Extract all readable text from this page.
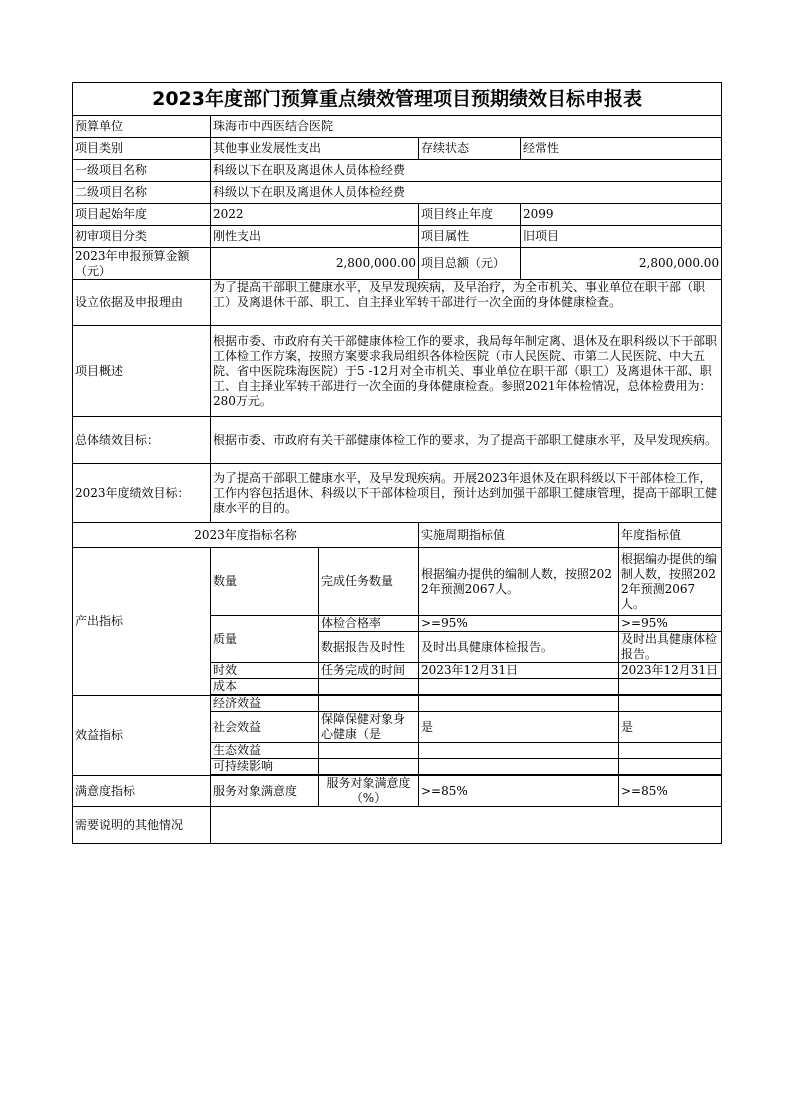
2023年度部门预算重点绩效管理项目预期绩效目标申报表					
预算单位	珠海市中西医结合医院				
项目类别	其他事业发展性支出		存续状态	经常性	
一级项目名称	科级以下在职及离退休人员体检经费				
二级项目名称	科级以下在职及离退休人员体检经费				
项目起始年度	2022		项目终止年度	2099	
初审项目分类	刚性支出		项目属性	旧项目	
2023年申报预算金额（元）	2,800,000.00		项目总额（元）	2,800,000.00	
设立依据及申报理由	为了提高干部职工健康水平，及早发现疾病，及早治疗，为全市机关、事业单位在职干部（职工）及离退休干部、职工、自主择业军转干部进行一次全面的身体健康检查。				

项目概述	根据市委、市政府有关干部健康体检工作的要求，我局每年制定离、退休及在职科级以下干部职工体检工作方案，按照方案要求我局组织各体检医院（市人民医院、市第二人民医院、中大五院、省中医院珠海医院）于5 -12月对全市机关、事业单位在职干部（职工）及离退休干部、职工、自主择业军转干部进行一次全面的身体健康检查。参照2021年体检情况，总体检费用为：280万元。				
总体绩效目标：	根据市委、市政府有关干部健康体检工作的要求，为了提高干部职工健康水平，及早发现疾病。				
2023年度绩效目标：	为了提高干部职工健康水平，及早发现疾病。开展2023年退休及在职科级以下干部体检工作，工作内容包括退休、科级以下干部体检项目，预计达到加强干部职工健康管理，提高干部职工健康水平的目的。				
2023年度指标名称			实施周期指标值		年度指标值
产出指标	数量	完成任务数量	根据编办提供的编制人数，按照2022年预测2067人。		根据编办提供的编制人数，按照2022年预测2067人。
	质量	体检合格率	>=95%		>=95%
		数据报告及时性	及时出具健康体检报告。		及时出具健康体检报告。
	时效	任务完成的时间	2023年12月31日		2023年12月31日
	成本				

效益指标	经济效益				
	社会效益	保障保健对象身心健康（是	是		是
	生态效益				
	可持续影响				

满意度指标	服务对象满意度	服务对象满意度（%）	>=85%		>=85%
需要说明的其他情况					
